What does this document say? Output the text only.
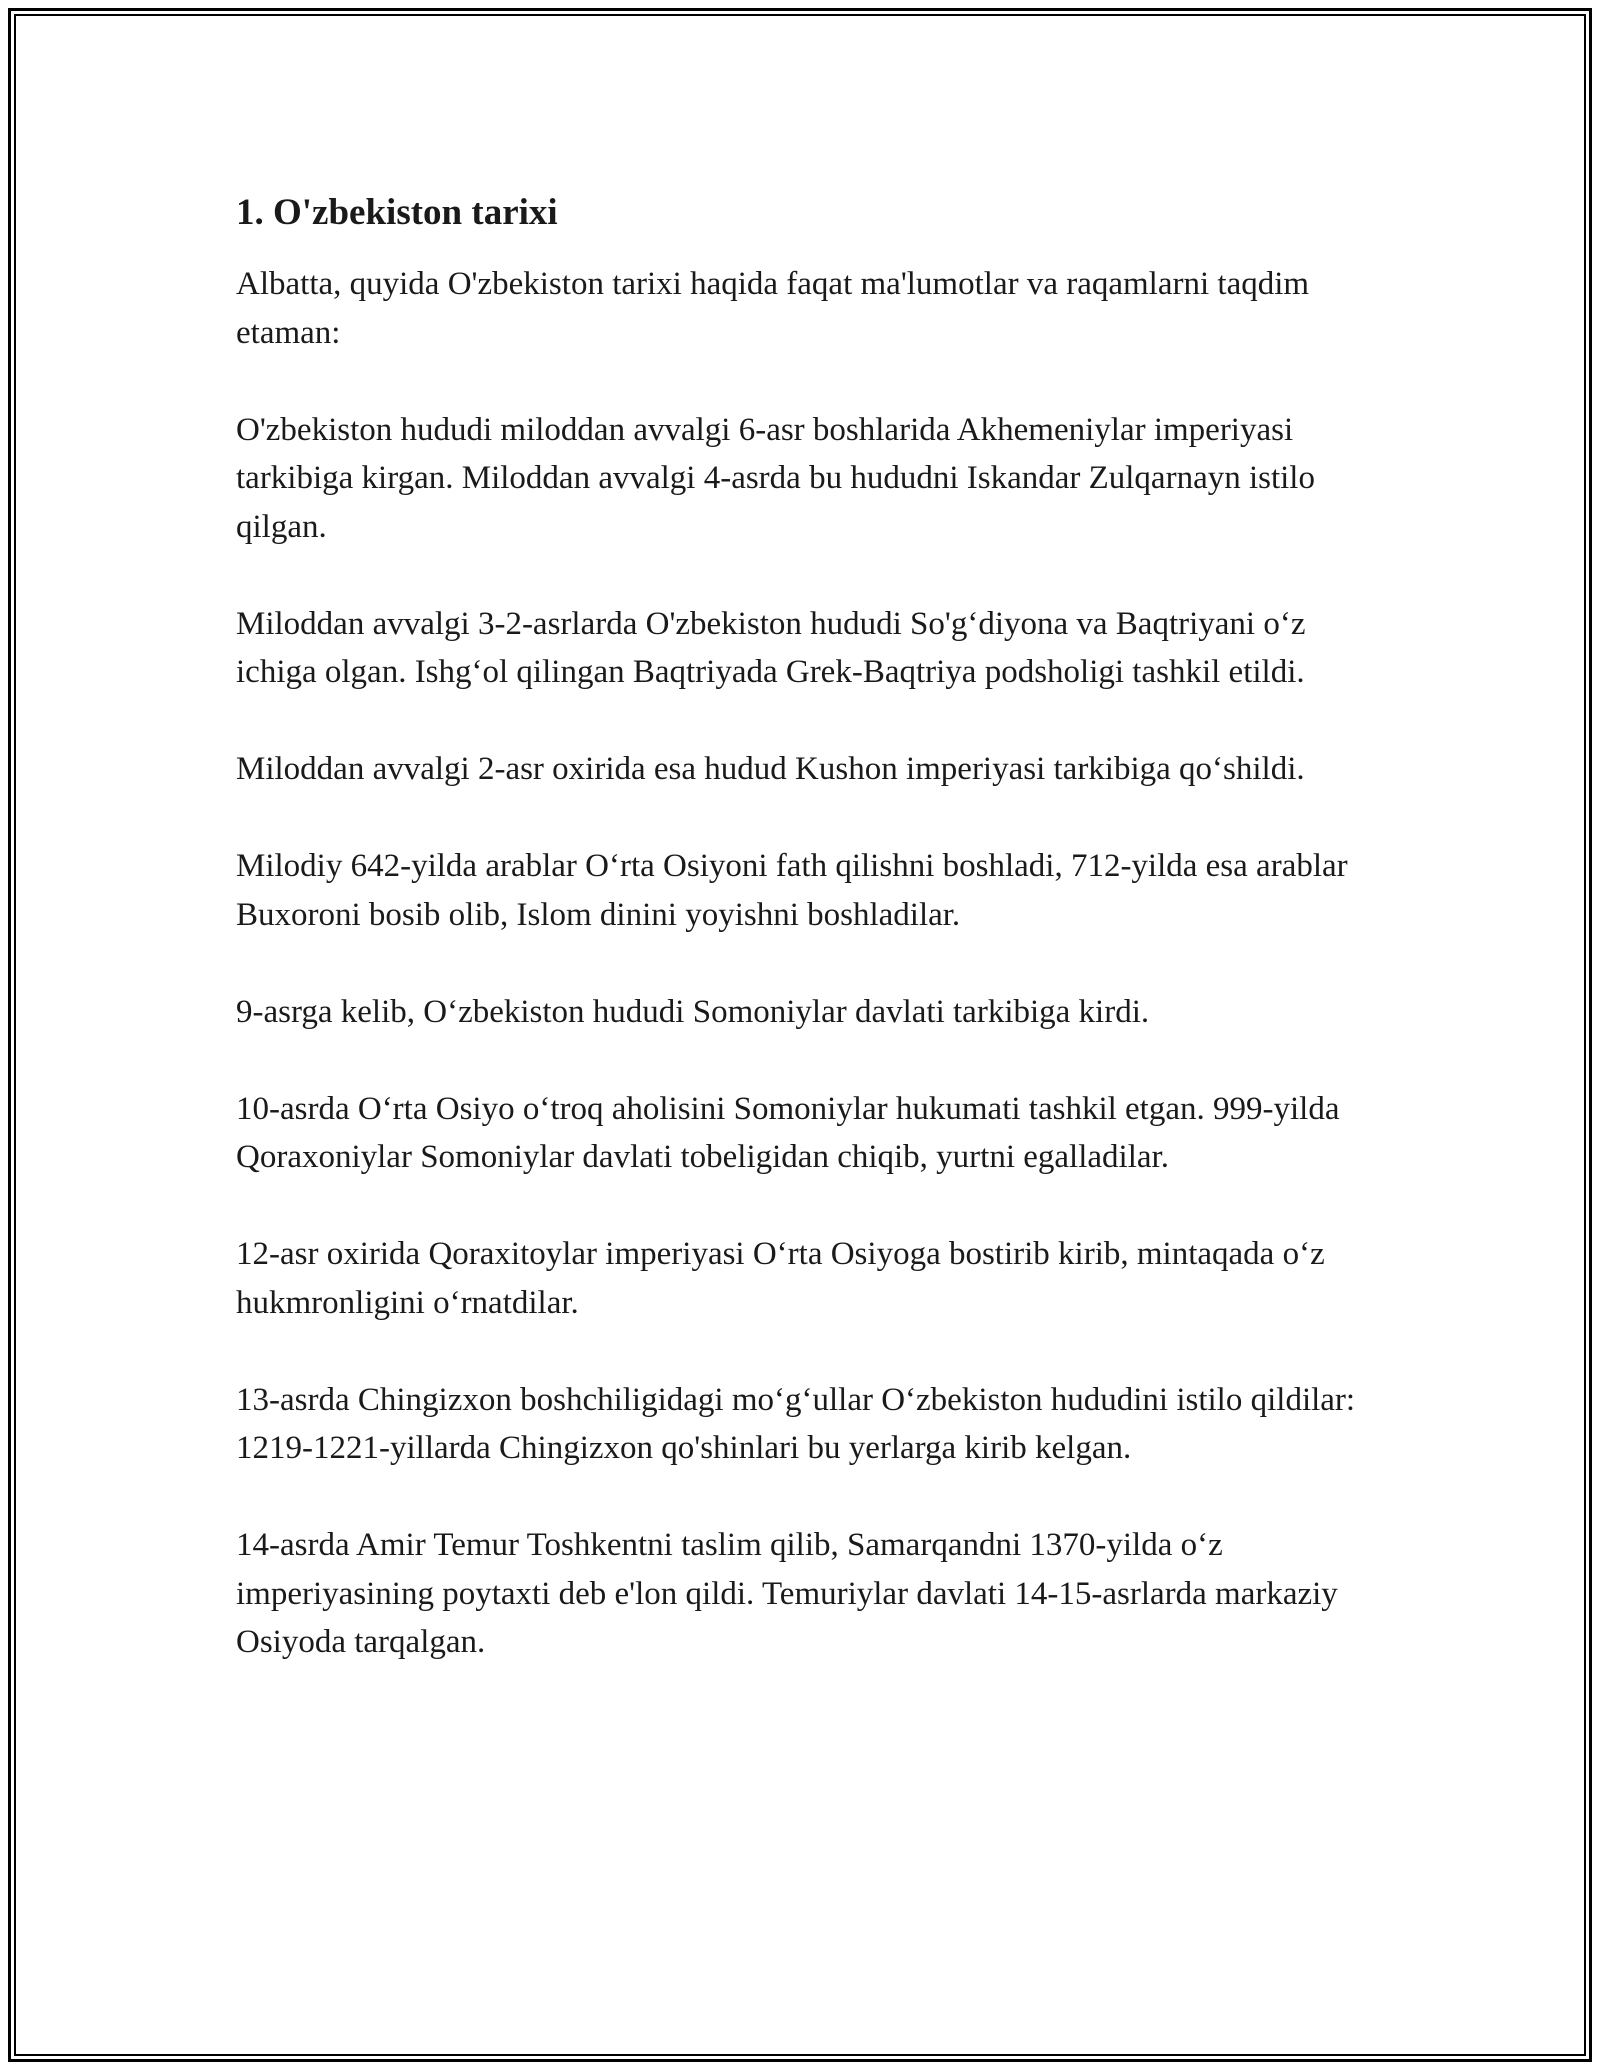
1. O'zbekiston tarixi

Albatta, quyida O'zbekiston tarixi haqida faqat ma'lumotlar va raqamlarni taqdim etaman:

O'zbekiston hududi miloddan avvalgi 6-asr boshlarida Akhemeniylar imperiyasi tarkibiga kirgan. Miloddan avvalgi 4-asrda bu hududni Iskandar Zulqarnayn istilo qilgan.

Miloddan avvalgi 3-2-asrlarda O'zbekiston hududi So'g‘diyona va Baqtriyani o‘z ichiga olgan. Ishg‘ol qilingan Baqtriyada Grek-Baqtriya podsholigi tashkil etildi.

Miloddan avvalgi 2-asr oxirida esa hudud Kushon imperiyasi tarkibiga qo‘shildi.

Milodiy 642-yilda arablar O‘rta Osiyoni fath qilishni boshladi, 712-yilda esa arablar Buxoroni bosib olib, Islom dinini yoyishni boshladilar.

9-asrga kelib, O‘zbekiston hududi Somoniylar davlati tarkibiga kirdi.

10-asrda O‘rta Osiyo o‘troq aholisini Somoniylar hukumati tashkil etgan. 999-yilda Qoraxoniylar Somoniylar davlati tobeligidan chiqib, yurtni egalladilar.

12-asr oxirida Qoraxitoylar imperiyasi O‘rta Osiyoga bostirib kirib, mintaqada o‘z hukmronligini o‘rnatdilar.

13-asrda Chingizxon boshchiligidagi mo‘g‘ullar O‘zbekiston hududini istilo qildilar: 1219-1221-yillarda Chingizxon qo'shinlari bu yerlarga kirib kelgan.

14-asrda Amir Temur Toshkentni taslim qilib, Samarqandni 1370-yilda o‘z imperiyasining poytaxti deb e'lon qildi. Temuriylar davlati 14-15-asrlarda markaziy Osiyoda tarqalgan.
